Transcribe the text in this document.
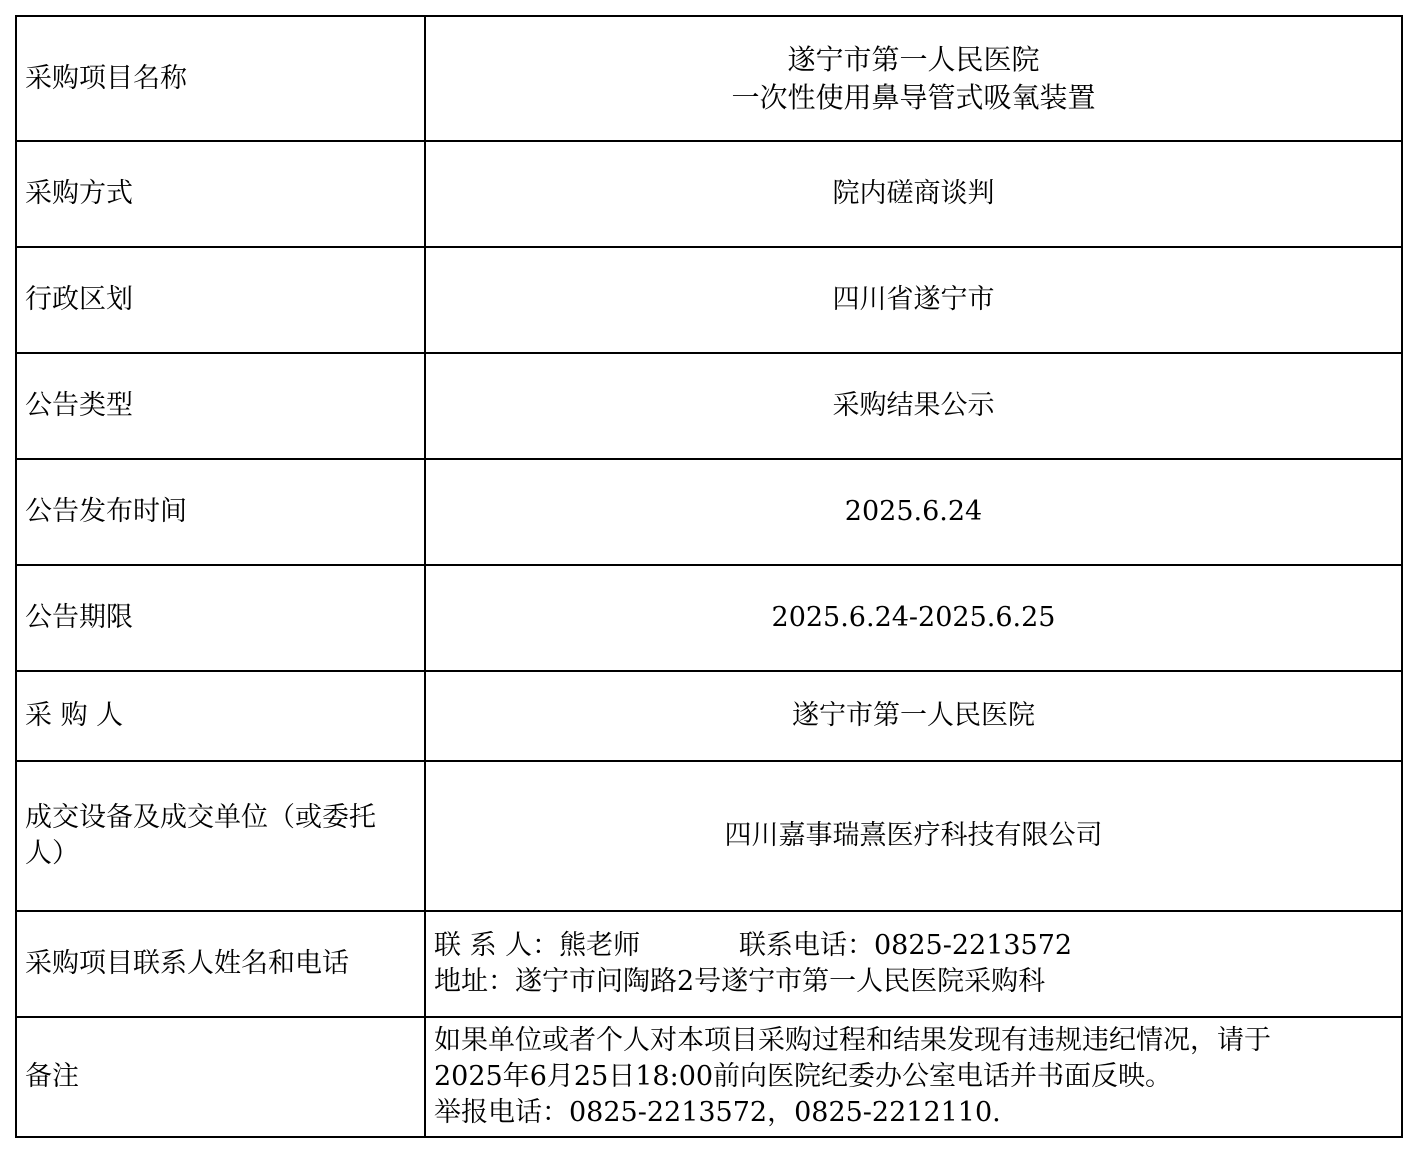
采购项目名称	遂宁市第一人民医院
一次性使用鼻导管式吸氧装置

采购方式	院内磋商谈判
行政区划	四川省遂宁市
公告类型	采购结果公示
公告发布时间	2025.6.24
公告期限	2025.6.24-2025.6.25
采 购 人	遂宁市第一人民医院
成交设备及成交单位（或委托人）	四川嘉事瑞熹医疗科技有限公司
采购项目联系人姓名和电话	联 系 人：熊老师 联系电话：0825-2213572
地址：遂宁市问陶路2号遂宁市第一人民医院采购科

备注	如果单位或者个人对本项目采购过程和结果发现有违规违纪情况，请于
2025年6月25日18:00前向医院纪委办公室电话并书面反映。
举报电话：0825-2213572，0825-2212110.
